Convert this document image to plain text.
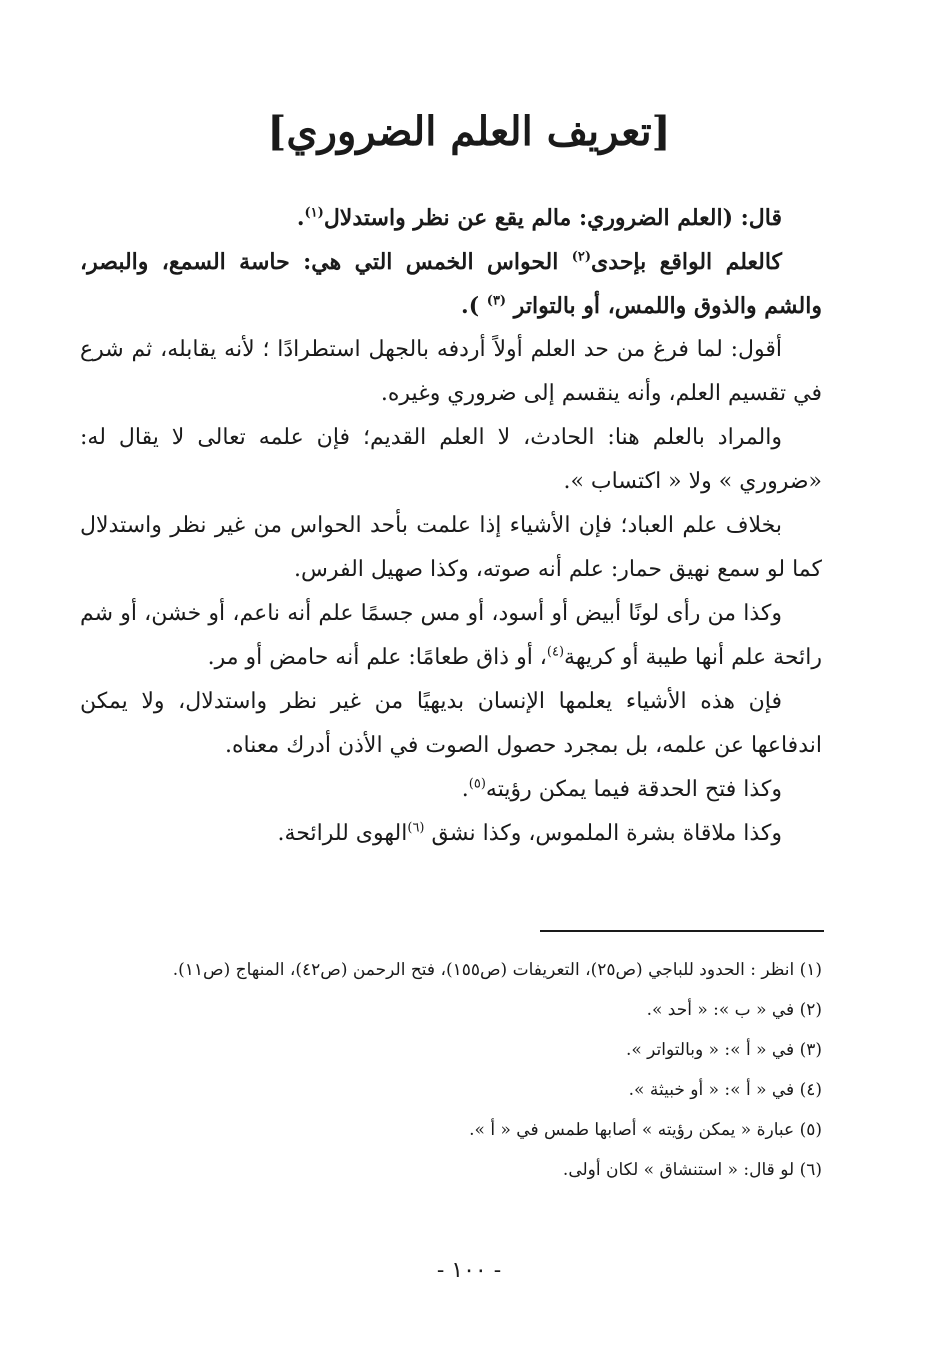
[تعريف العلم الضروري]

قال: (العلم الضروري: مالم يقع عن نظر واستدلال$^{(١)}$.

كالعلم الواقع بإحدى$^{(٢)}$ الحواس الخمس التي هي: حاسة السمع، والبصر، والشم والذوق واللمس، أو بالتواتر $^{(٣)}$ ).

أقول: لما فرغ من حد العلم أولاً أردفه بالجهل استطرادًا ؛ لأنه يقابله، ثم شرع في تقسيم العلم، وأنه ينقسم إلى ضروري وغيره.

والمراد بالعلم هنا: الحادث، لا العلم القديم؛ فإن علمه تعالى لا يقال له: «ضروري » ولا « اكتساب ».

بخلاف علم العباد؛ فإن الأشياء إذا علمت بأحد الحواس من غير نظر واستدلال كما لو سمع نهيق حمار: علم أنه صوته، وكذا صهيل الفرس.

وكذا من رأى لونًا أبيض أو أسود، أو مس جسمًا علم أنه ناعم، أو خشن، أو شم رائحة علم أنها طيبة أو كريهة$^{(٤)}$، أو ذاق طعامًا: علم أنه حامض أو مر.

فإن هذه الأشياء يعلمها الإنسان بديهيًا من غير نظر واستدلال، ولا يمكن اندفاعها عن علمه، بل بمجرد حصول الصوت في الأذن أدرك معناه.

وكذا فتح الحدقة فيما يمكن رؤيته$^{(٥)}$.

وكذا ملاقاة بشرة الملموس، وكذا نشق $^{(٦)}$الهوى للرائحة.

(١) انظر : الحدود للباجي (ص٢٥)، التعريفات (ص١٥٥)، فتح الرحمن (ص٤٢)، المنهاج (ص١١).
(٢) في « ب »: « أحد ».
(٣) في « أ »: « وبالتواتر ».
(٤) في « أ »: « أو خبيثة ».
(٥) عبارة « يمكن رؤيته » أصابها طمس في « أ ».
(٦) لو قال: « استنشاق » لكان أولى.
- ١٠٠ -
